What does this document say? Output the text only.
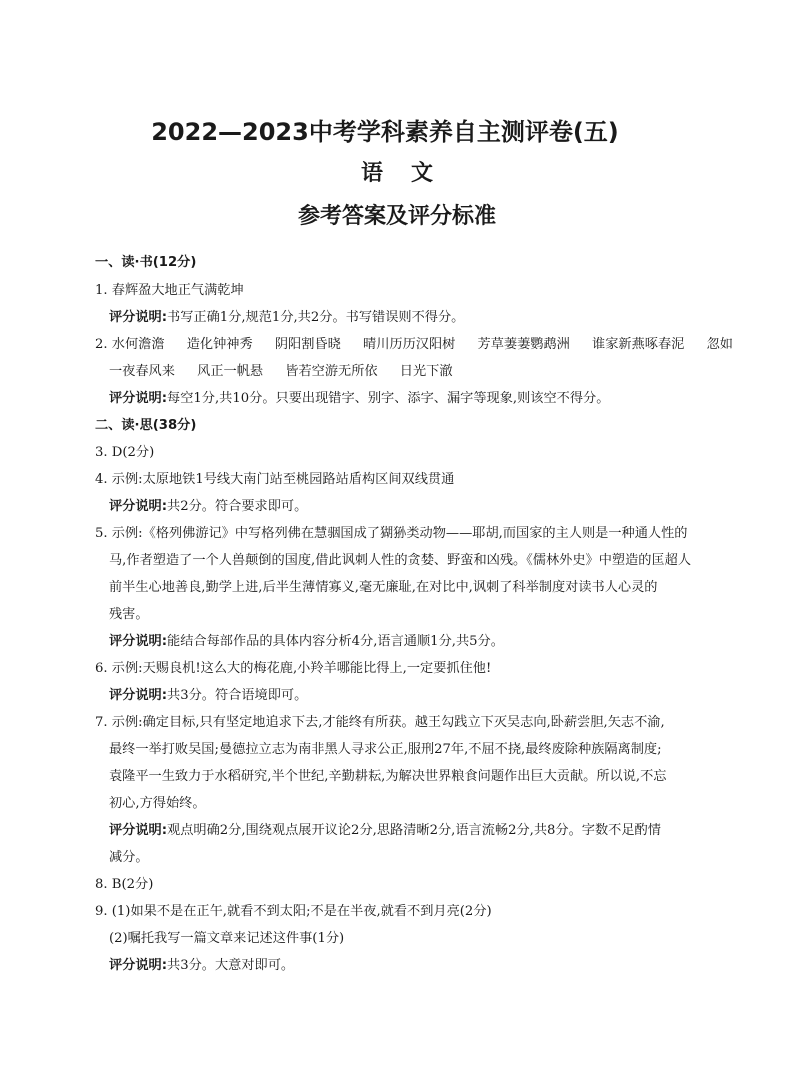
2022—2023中考学科素养自主测评卷(五)
语文
参考答案及评分标准
一、读·书(12分)
1. 春辉盈大地正气满乾坤
评分说明:书写正确1分,规范1分,共2分。书写错误则不得分。
2. 水何澹澹 造化钟神秀 阴阳割昏晓 晴川历历汉阳树 芳草萋萋鹦鹉洲 谁家新燕啄春泥 忽如
一夜春风来 风正一帆悬 皆若空游无所依 日光下澈
评分说明:每空1分,共10分。只要出现错字、别字、添字、漏字等现象,则该空不得分。
二、读·思(38分)
3. D(2分)
4. 示例:太原地铁1号线大南门站至桃园路站盾构区间双线贯通
评分说明:共2分。符合要求即可。
5. 示例:《格列佛游记》中写格列佛在慧骃国成了猢狲类动物——耶胡,而国家的主人则是一种通人性的
马,作者塑造了一个人兽颠倒的国度,借此讽刺人性的贪婪、野蛮和凶残。《儒林外史》中塑造的匡超人
前半生心地善良,勤学上进,后半生薄情寡义,毫无廉耻,在对比中,讽刺了科举制度对读书人心灵的
残害。
评分说明:能结合每部作品的具体内容分析4分,语言通顺1分,共5分。
6. 示例:天赐良机!这么大的梅花鹿,小羚羊哪能比得上,一定要抓住他!
评分说明:共3分。符合语境即可。
7. 示例:确定目标,只有坚定地追求下去,才能终有所获。越王勾践立下灭吴志向,卧薪尝胆,矢志不渝,
最终一举打败吴国;曼德拉立志为南非黑人寻求公正,服刑27年,不屈不挠,最终废除种族隔离制度;
袁隆平一生致力于水稻研究,半个世纪,辛勤耕耘,为解决世界粮食问题作出巨大贡献。所以说,不忘
初心,方得始终。
评分说明:观点明确2分,围绕观点展开议论2分,思路清晰2分,语言流畅2分,共8分。字数不足酌情
减分。
8. B(2分)
9. (1)如果不是在正午,就看不到太阳;不是在半夜,就看不到月亮(2分)
(2)嘱托我写一篇文章来记述这件事(1分)
评分说明:共3分。大意对即可。
